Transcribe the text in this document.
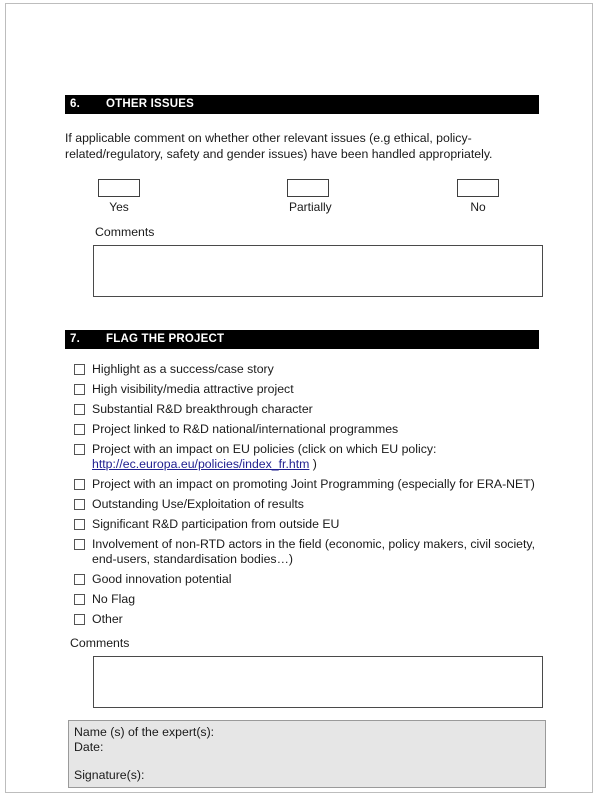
6.	OTHER ISSUES
If applicable comment on whether other relevant issues (e.g ethical, policy-related/regulatory, safety and gender issues) have been handled appropriately.
Yes	Partially	No
Comments
7.	FLAG THE PROJECT
Highlight as a success/case story
High visibility/media attractive project
Substantial R&D breakthrough character
Project linked to R&D national/international programmes
Project with an impact on EU policies (click on which EU policy: http://ec.europa.eu/policies/index_fr.htm )
Project with an impact on promoting Joint Programming (especially for ERA-NET)
Outstanding Use/Exploitation of results
Significant R&D participation from outside EU
Involvement of non-RTD actors in the field (economic, policy makers, civil society, end-users, standardisation bodies…)
Good innovation potential
No Flag
Other
Comments
Name (s) of the expert(s):
Date:
Signature(s):
